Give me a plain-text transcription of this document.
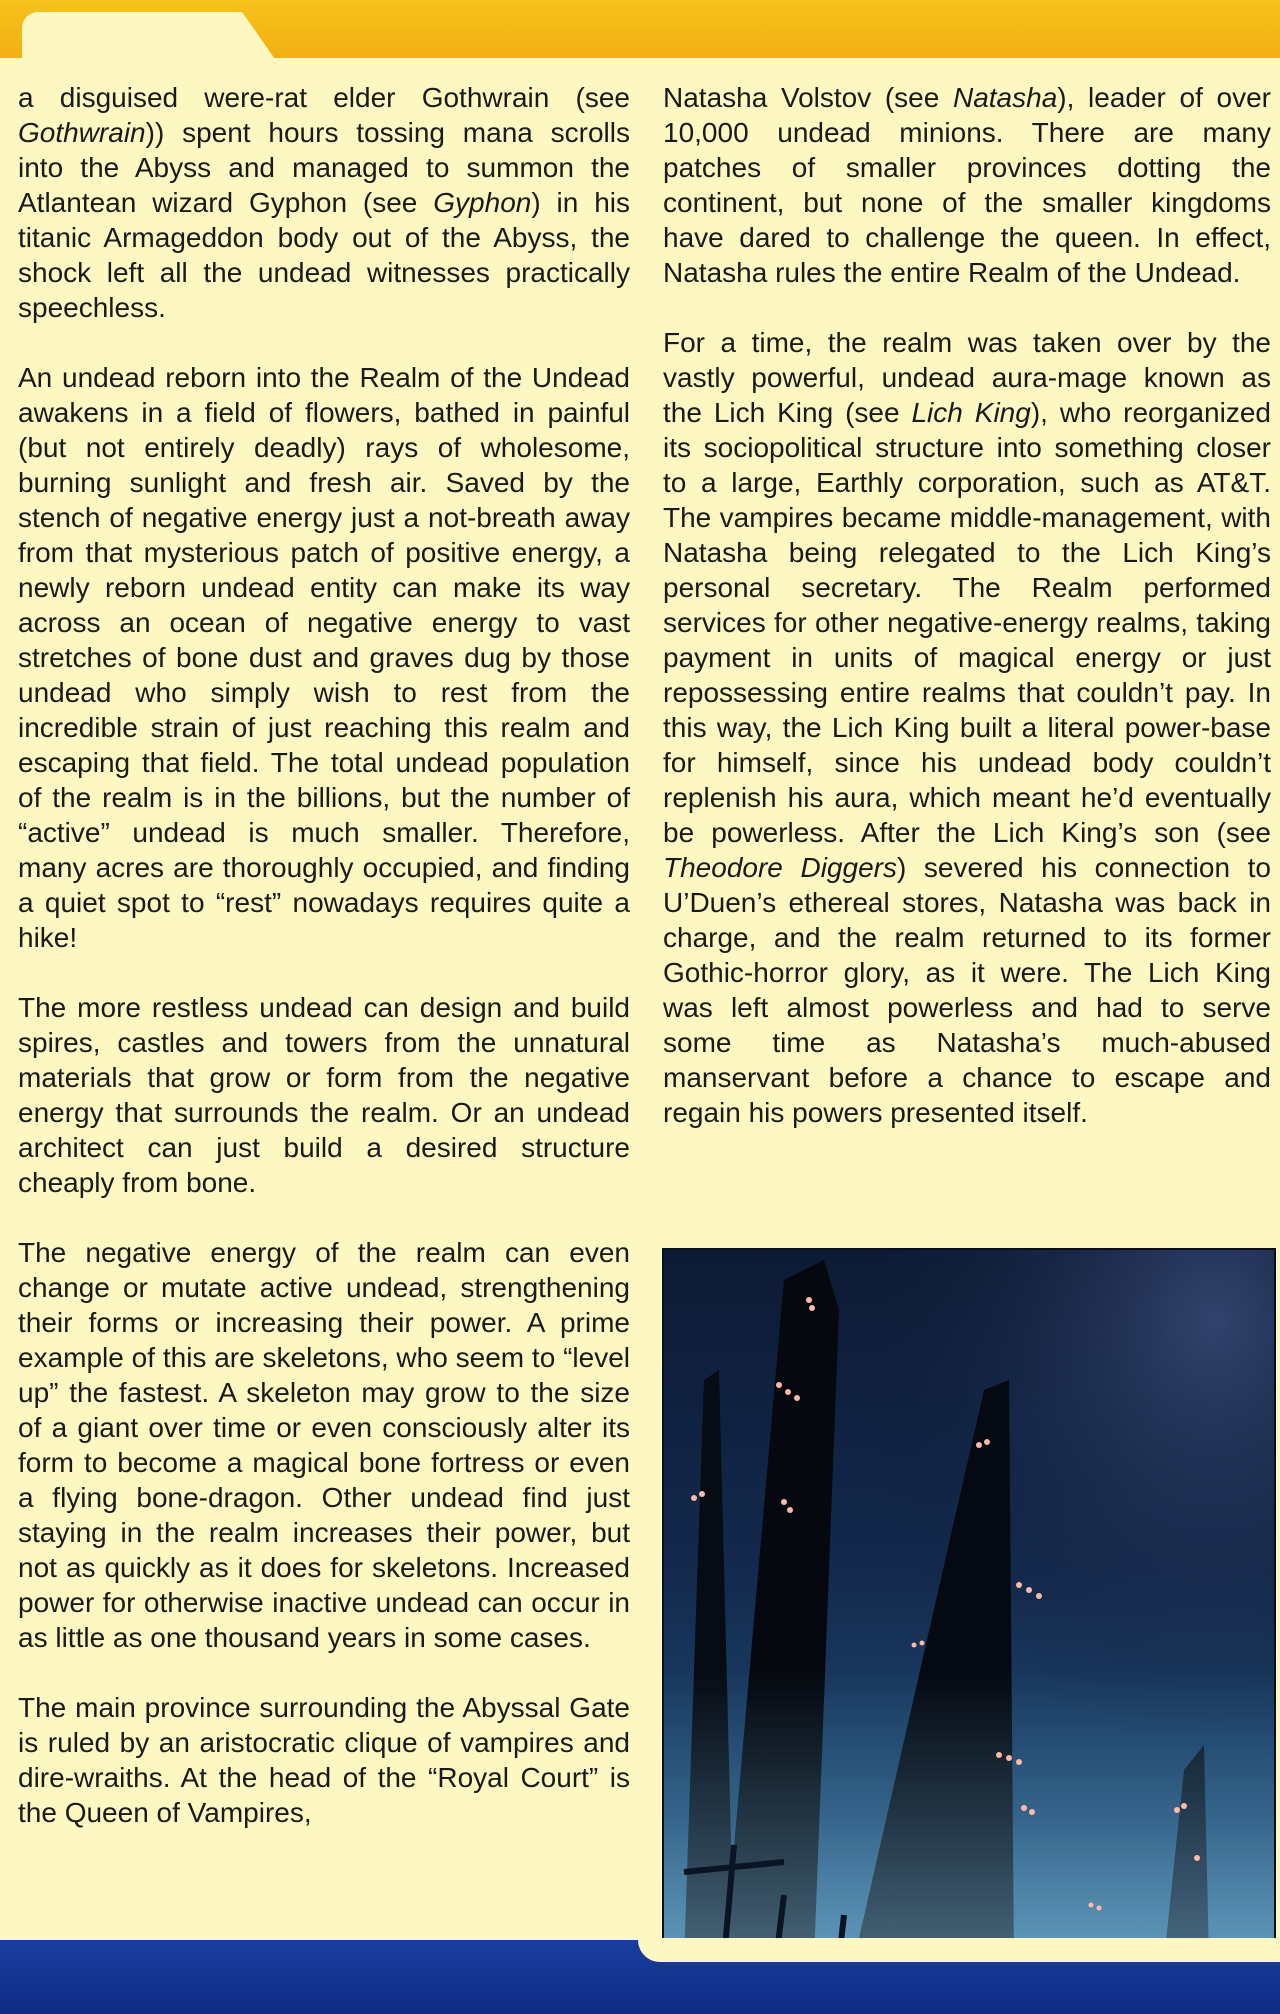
a disguised were-rat elder Gothwrain (see Gothwrain)) spent hours tossing mana scrolls into the Abyss and managed to summon the Atlantean wizard Gyphon (see Gyphon) in his titanic Armageddon body out of the Abyss, the shock left all the undead witnesses practically speechless.

An undead reborn into the Realm of the Undead awakens in a field of flowers, bathed in painful (but not entirely deadly) rays of wholesome, burning sunlight and fresh air. Saved by the stench of negative energy just a not-breath away from that mysterious patch of positive energy, a newly reborn undead entity can make its way across an ocean of negative energy to vast stretches of bone dust and graves dug by those undead who simply wish to rest from the incredible strain of just reaching this realm and escaping that field. The total undead population of the realm is in the billions, but the number of “active” undead is much smaller. Therefore, many acres are thoroughly occupied, and finding a quiet spot to “rest” nowadays requires quite a hike!

The more restless undead can design and build spires, castles and towers from the unnatural materials that grow or form from the negative energy that surrounds the realm. Or an undead architect can just build a desired structure cheaply from bone.

The negative energy of the realm can even change or mutate active undead, strengthening their forms or increasing their power. A prime example of this are skeletons, who seem to “level up” the fastest. A skeleton may grow to the size of a giant over time or even consciously alter its form to become a magical bone fortress or even a flying bone-dragon. Other undead find just staying in the realm increases their power, but not as quickly as it does for skeletons. Increased power for otherwise inactive undead can occur in as little as one thousand years in some cases.

The main province surrounding the Abyssal Gate is ruled by an aristocratic clique of vampires and dire-wraiths. At the head of the “Royal Court” is the Queen of Vampires,

Natasha Volstov (see Natasha), leader of over 10,000 undead minions. There are many patches of smaller provinces dotting the continent, but none of the smaller kingdoms have dared to challenge the queen. In effect, Natasha rules the entire Realm of the Undead.

For a time, the realm was taken over by the vastly powerful, undead aura-mage known as the Lich King (see Lich King), who reorganized its sociopolitical structure into something closer to a large, Earthly corporation, such as AT&T. The vampires became middle-management, with Natasha being relegated to the Lich King’s personal secretary. The Realm performed services for other negative-energy realms, taking payment in units of magical energy or just repossessing entire realms that couldn’t pay. In this way, the Lich King built a literal power-base for himself, since his undead body couldn’t replenish his aura, which meant he’d eventually be powerless. After the Lich King’s son (see Theodore Diggers) severed his connection to U’Duen’s ethereal stores, Natasha was back in charge, and the realm returned to its former Gothic-horror glory, as it were. The Lich King was left almost powerless and had to serve some time as Natasha’s much-abused manservant before a chance to escape and regain his powers presented itself.
